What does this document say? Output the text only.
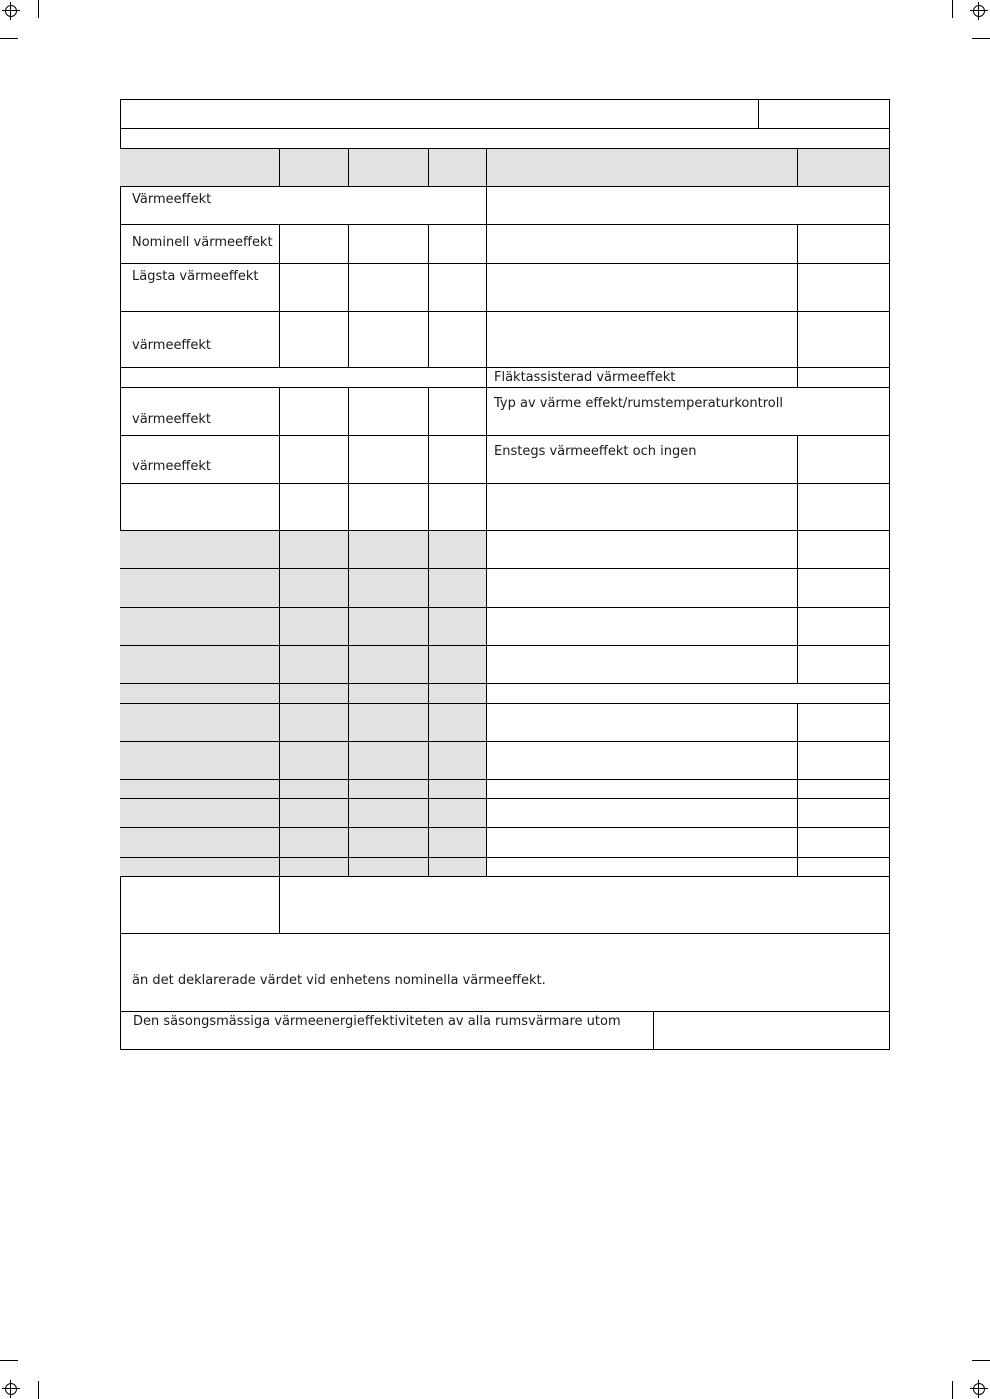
Värmeeffekt
Nominell värmeeffekt
Lägsta värmeeffekt
värmeeffekt
Fläktassisterad värmeeffekt
värmeeffekt
Typ av värme effekt/rumstemperaturkontroll
värmeeffekt
Enstegs värmeeffekt och ingen
än det deklarerade värdet vid enhetens nominella värmeeffekt.
Den säsongsmässiga värmeenergieffektiviteten av alla rumsvärmare utom
